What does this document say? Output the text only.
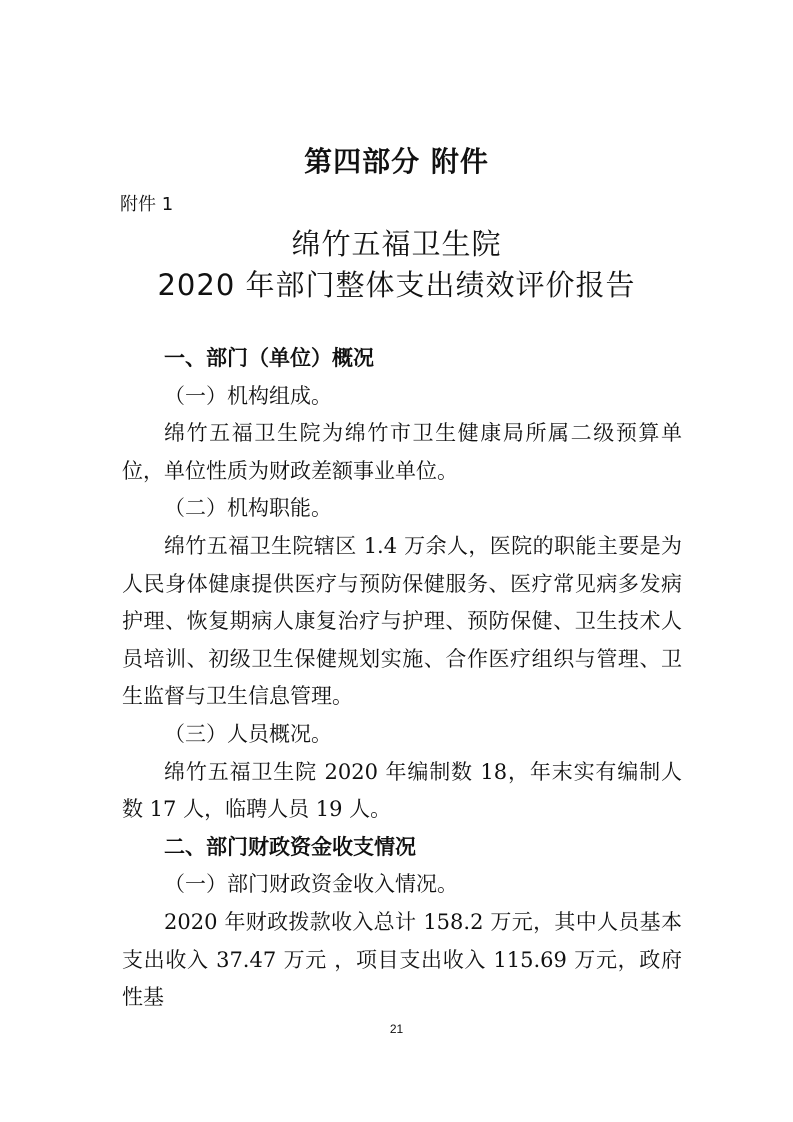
第四部分 附件
附件 1
绵竹五福卫生院
2020 年部门整体支出绩效评价报告

一、部门（单位）概况

（一）机构组成。

绵竹五福卫生院为绵竹市卫生健康局所属二级预算单位，单位性质为财政差额事业单位。

（二）机构职能。

绵竹五福卫生院辖区 1.4 万余人，医院的职能主要是为人民身体健康提供医疗与预防保健服务、医疗常见病多发病护理、恢复期病人康复治疗与护理、预防保健、卫生技术人员培训、初级卫生保健规划实施、合作医疗组织与管理、卫生监督与卫生信息管理。

（三）人员概况。

绵竹五福卫生院 2020 年编制数 18，年末实有编制人数 17 人，临聘人员 19 人。

二、部门财政资金收支情况

（一）部门财政资金收入情况。

2020 年财政拨款收入总计 158.2 万元，其中人员基本支出收入 37.47 万元 ，项目支出收入 115.69 万元，政府性基

21
